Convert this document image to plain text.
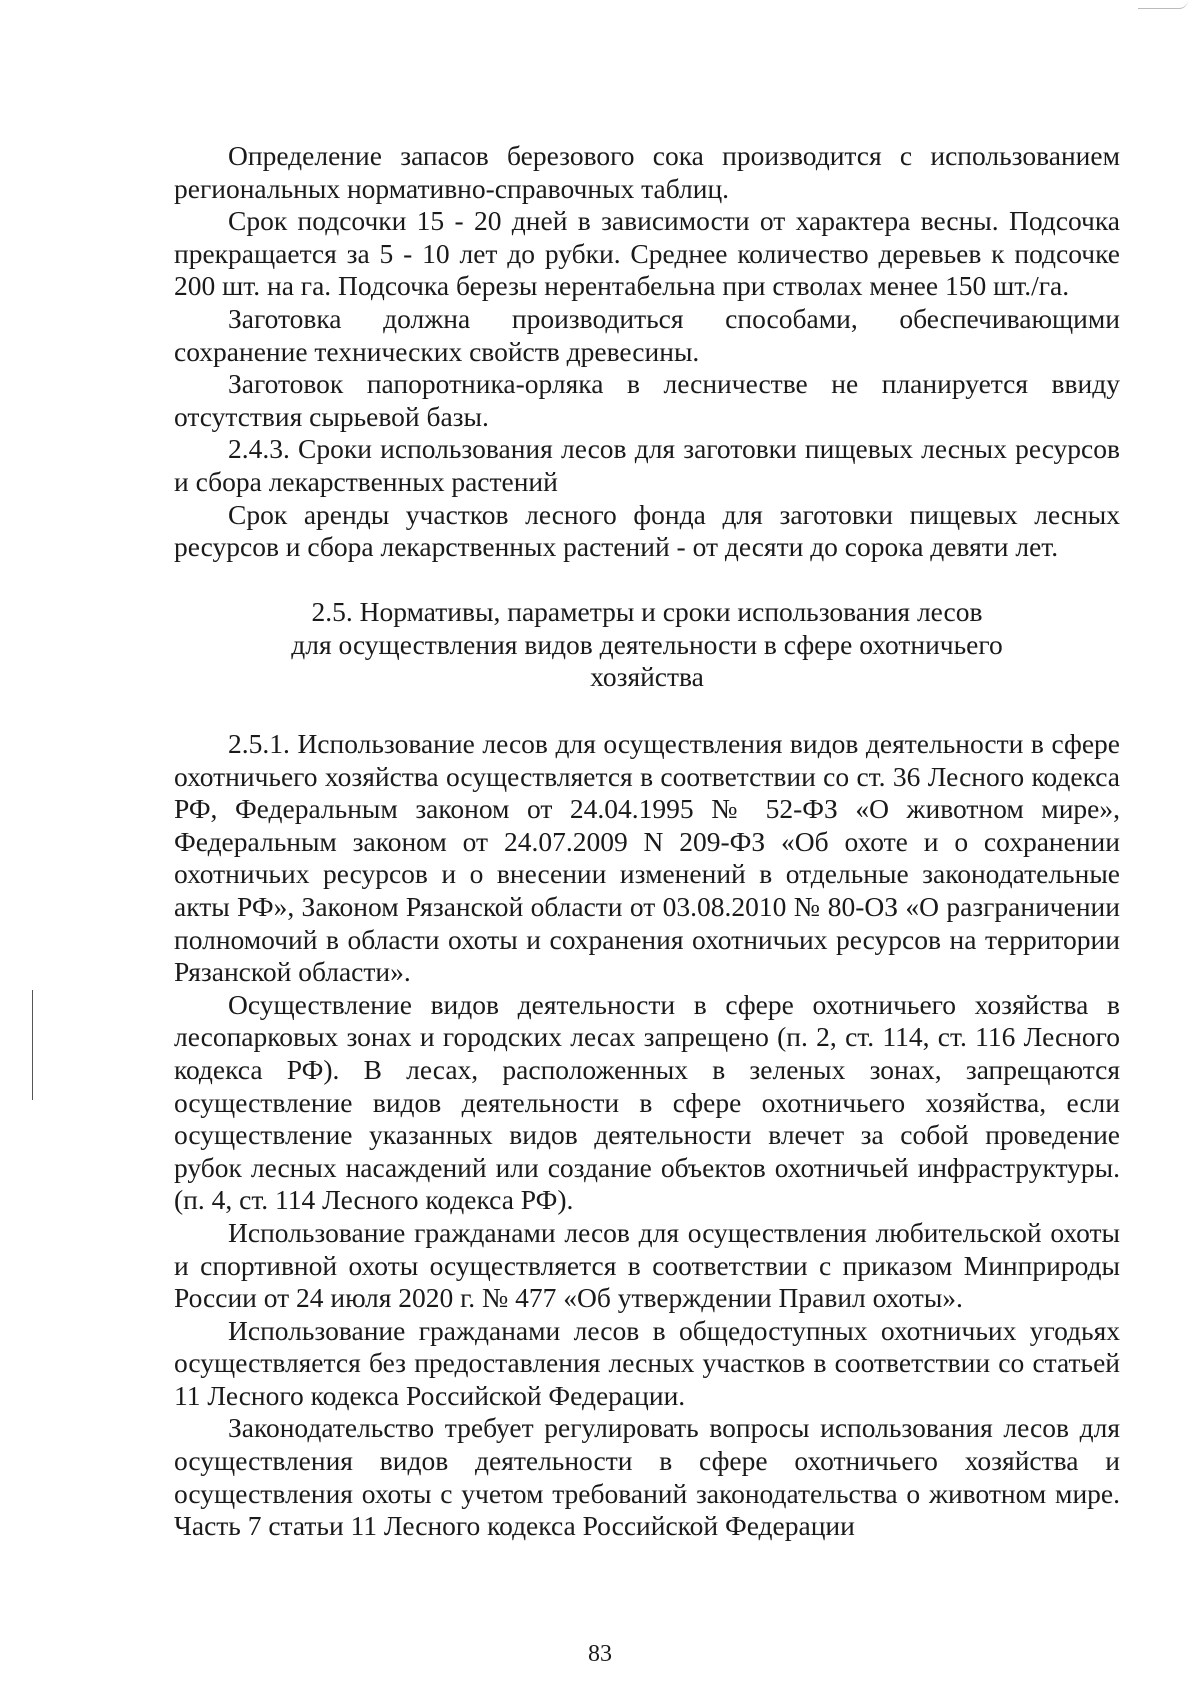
Определение запасов березового сока производится с использованием региональных нормативно-справочных таблиц.

Срок подсочки 15 - 20 дней в зависимости от характера весны. Подсочка прекращается за 5 - 10 лет до рубки. Среднее количество деревьев к подсочке 200 шт. на га. Подсочка березы нерентабельна при стволах менее 150 шт./га.

Заготовка должна производиться способами, обеспечивающими сохранение технических свойств древесины.

Заготовок папоротника-орляка в лесничестве не планируется ввиду отсутствия сырьевой базы.

2.4.3. Сроки использования лесов для заготовки пищевых лесных ресурсов и сбора лекарственных растений

Срок аренды участков лесного фонда для заготовки пищевых лесных ресурсов и сбора лекарственных растений - от десяти до сорока девяти лет.

2.5. Нормативы, параметры и сроки использования лесов
для осуществления видов деятельности в сфере охотничьего
хозяйства

2.5.1. Использование лесов для осуществления видов деятельности в сфере охотничьего хозяйства осуществляется в соответствии со ст. 36 Лесного кодекса РФ, Федеральным законом от 24.04.1995 № 52-ФЗ «О животном мире», Федеральным законом от 24.07.2009 N 209-ФЗ «Об охоте и о сохранении охотничьих ресурсов и о внесении изменений в отдельные законодательные акты РФ», Законом Рязанской области от 03.08.2010 № 80-ОЗ «О разграничении полномочий в области охоты и сохранения охотничьих ресурсов на территории Рязанской области».

Осуществление видов деятельности в сфере охотничьего хозяйства в лесопарковых зонах и городских лесах запрещено (п. 2, ст. 114, ст. 116 Лесного кодекса РФ). В лесах, расположенных в зеленых зонах, запрещаются осуществление видов деятельности в сфере охотничьего хозяйства, если осуществление указанных видов деятельности влечет за собой проведение рубок лесных насаждений или создание объектов охотничьей инфраструктуры. (п. 4, ст. 114 Лесного кодекса РФ).

Использование гражданами лесов для осуществления любительской охоты и спортивной охоты осуществляется в соответствии с приказом Минприроды России от 24 июля 2020 г. № 477 «Об утверждении Правил охоты».

Использование гражданами лесов в общедоступных охотничьих угодьях осуществляется без предоставления лесных участков в соответствии со статьей 11 Лесного кодекса Российской Федерации.

Законодательство требует регулировать вопросы использования лесов для осуществления видов деятельности в сфере охотничьего хозяйства и осуществления охоты с учетом требований законодательства о животном мире. Часть 7 статьи 11 Лесного кодекса Российской Федерации

83
